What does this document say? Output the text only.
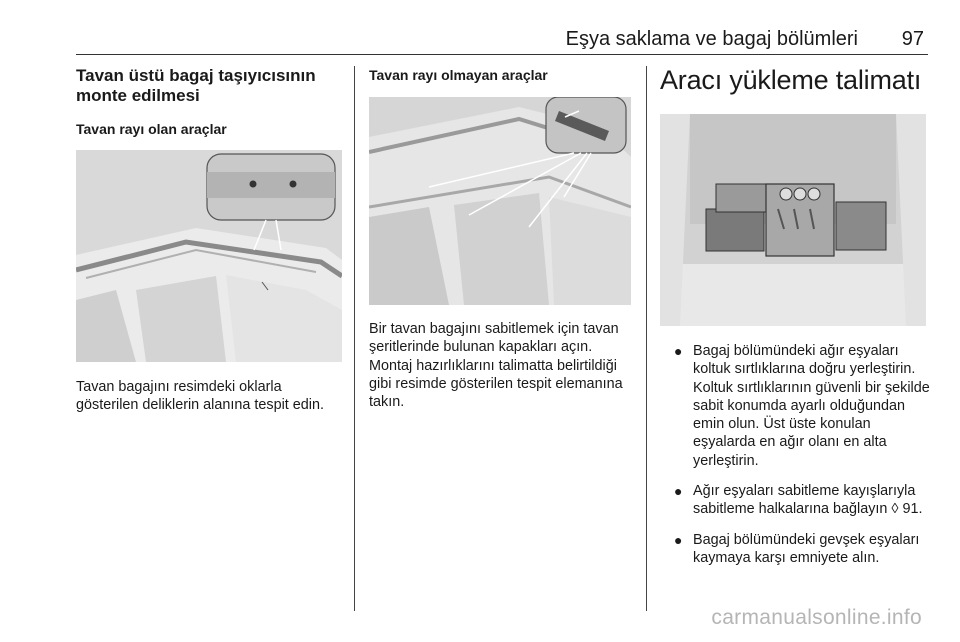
Eşya saklama ve bagaj bölümleri 97
Tavan üstü bagaj taşıyıcısının monte edilmesi
Tavan rayı olan araçlar

Tavan bagajını resimdeki oklarla gösterilen deliklerin alanına tespit edin.

Tavan rayı olmayan araçlar

Bir tavan bagajını sabitlemek için tavan şeritlerinde bulunan kapakları açın. Montaj hazırlıklarını talimatta belirtildiği gibi resimde gösterilen tespit elemanına takın.

Aracı yükleme talimatı
● Bagaj bölümündeki ağır eşyaları koltuk sırtlıklarına doğru yerleştirin. Koltuk sırtlıklarının güvenli bir şekilde sabit konumda ayarlı olduğundan emin olun. Üst üste konulan eşyalarda en ağır olanı en alta yerleştirin.
● Ağır eşyaları sabitleme kayışlarıyla sabitleme halkalarına bağlayın ◊ 91.
● Bagaj bölümündeki gevşek eşyaları kaymaya karşı emniyete alın.
carmanualsonline.info
